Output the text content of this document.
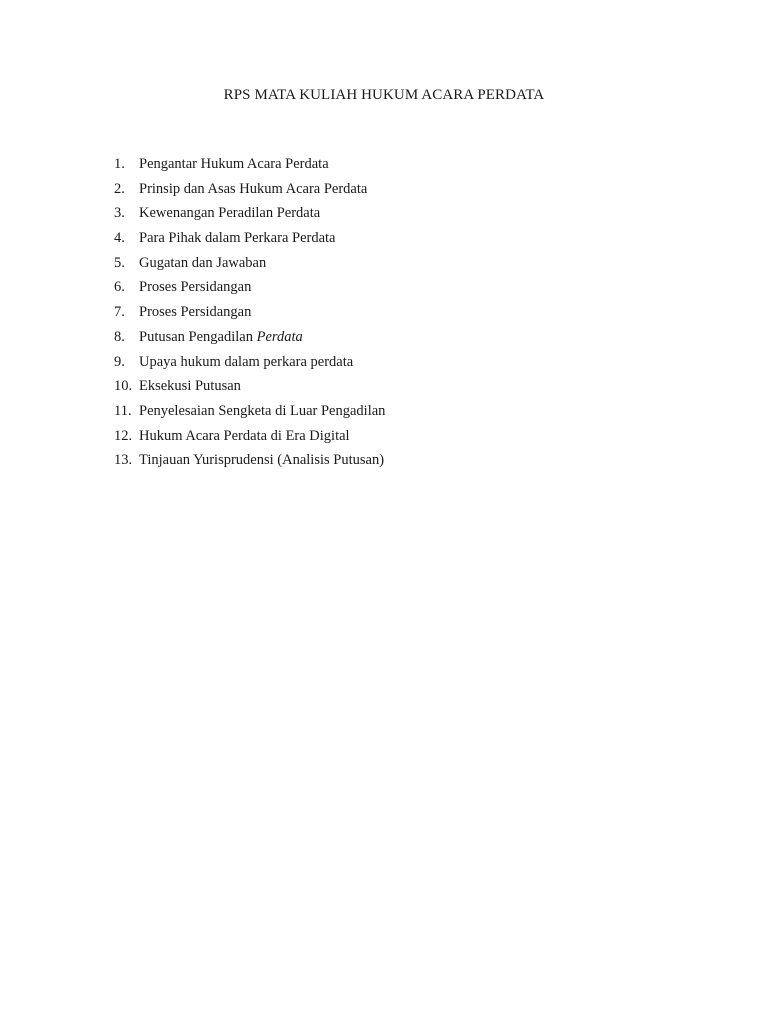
RPS MATA KULIAH HUKUM ACARA PERDATA
1. Pengantar Hukum Acara Perdata
2. Prinsip dan Asas Hukum Acara Perdata
3. Kewenangan Peradilan Perdata
4. Para Pihak dalam Perkara Perdata
5. Gugatan dan Jawaban
6. Proses Persidangan
7. Proses Persidangan
8. Putusan Pengadilan Perdata
9. Upaya hukum dalam perkara perdata
10. Eksekusi Putusan
11. Penyelesaian Sengketa di Luar Pengadilan
12. Hukum Acara Perdata di Era Digital
13. Tinjauan Yurisprudensi (Analisis Putusan)
